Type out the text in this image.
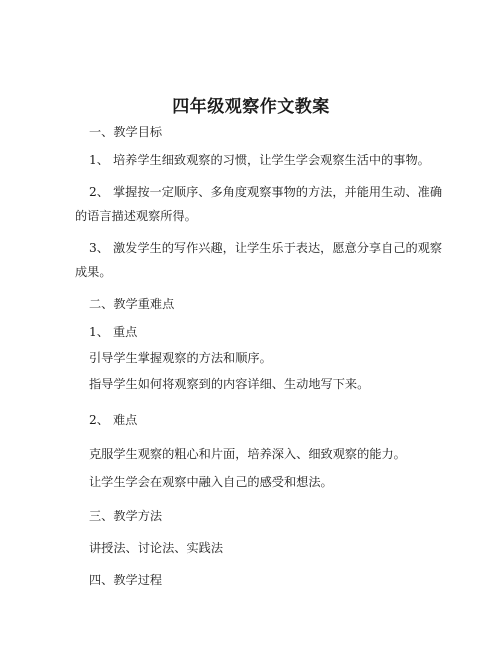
四年级观察作文教案
一、教学目标
1、 培养学生细致观察的习惯，让学生学会观察生活中的事物。
2、 掌握按一定顺序、多角度观察事物的方法，并能用生动、准确
的语言描述观察所得。
3、 激发学生的写作兴趣，让学生乐于表达，愿意分享自己的观察
成果。
二、教学重难点
1、 重点
引导学生掌握观察的方法和顺序。
指导学生如何将观察到的内容详细、生动地写下来。
2、 难点
克服学生观察的粗心和片面，培养深入、细致观察的能力。
让学生学会在观察中融入自己的感受和想法。
三、教学方法
讲授法、讨论法、实践法
四、教学过程
